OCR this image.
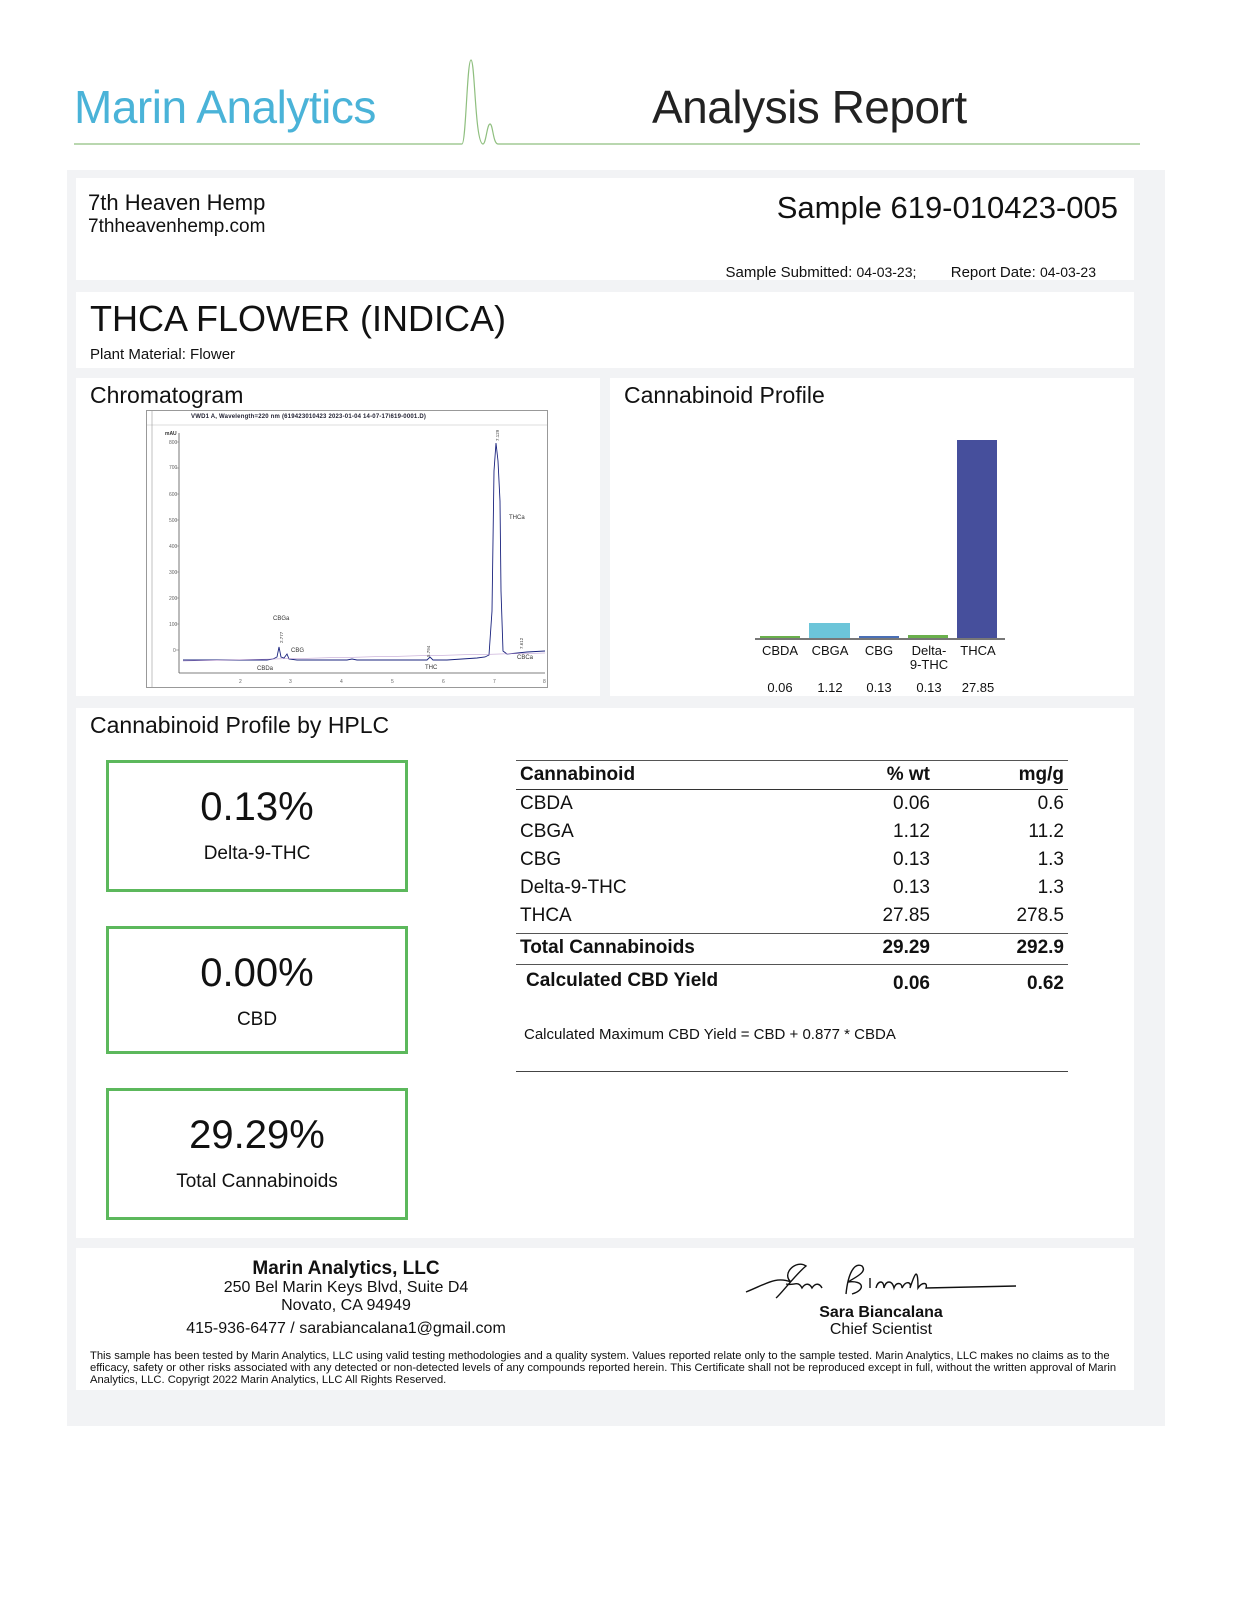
Marin Analytics	Analysis Report
7th Heaven Hemp
7thheavenhemp.com
Sample 619-010423-005
Sample Submitted: 04-03-23; Report Date: 04-03-23
THCA FLOWER (INDICA)
Plant Material: Flower
Chromatogram
VWD1 A, Wavelength=220 nm (619423010423 2023-01-04 14-07-17\619-0001.D)
mAU
800
700
600
500
400
300
200
100
0
2	3	4	5	6	7	8
CBGa
CBG
CBDa	THC
THCa
CBCa
2.777
5.794
7.129
7.612
Cannabinoid Profile
CBDA	CBGA	CBG	Delta-
9-THC
THCA
0.06	1.12	0.13	0.13	27.85
Cannabinoid Profile by HPLC
0.13%
Delta-9-THC
0.00%
CBD
29.29%
Total Cannabinoids
Cannabinoid	% wt	mg/g
CBDA	0.06	0.6
CBGA	1.12	11.2
CBG	0.13	1.3
Delta-9-THC	0.13	1.3
THCA	27.85	278.5
Total Cannabinoids	29.29	292.9
Calculated CBD Yield	0.06	0.62
Calculated Maximum CBD Yield = CBD + 0.877 * CBDA
Marin Analytics, LLC
250 Bel Marin Keys Blvd, Suite D4
Novato, CA 94949
415-936-6477 / sarabiancalana1@gmail.com
Sara Biancalana
Chief Scientist
This sample has been tested by Marin Analytics, LLC using valid testing methodologies and a quality system. Values reported relate only to the sample tested. Marin Analytics, LLC makes no claims as to the efficacy, safety or other risks associated with any detected or non-detected levels of any compounds reported herein. This Certificate shall not be reproduced except in full, without the written approval of Marin Analytics, LLC. Copyrigt 2022 Marin Analytics, LLC All Rights Reserved.
